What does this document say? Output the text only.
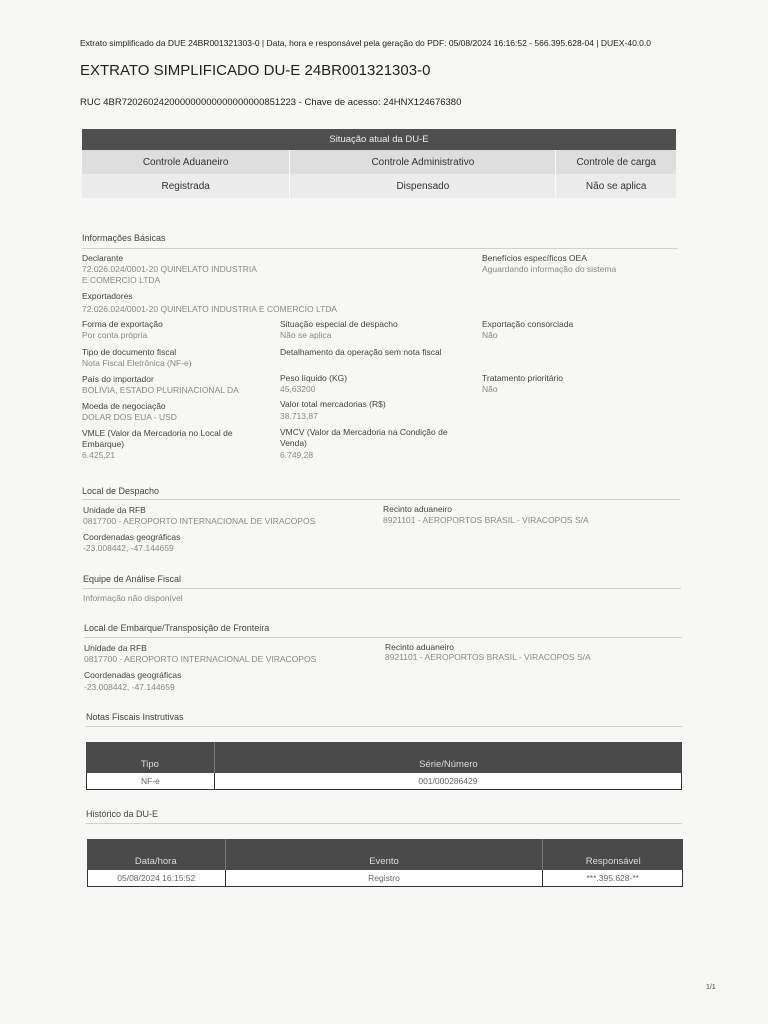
Extrato simplificado da DUE 24BR001321303-0 | Data, hora e responsável pela geração do PDF: 05/08/2024 16:16:52 - 566.395.628-04 | DUEX-40.0.0
EXTRATO SIMPLIFICADO DU-E 24BR001321303-0
RUC 4BR720260242000000000000000000851223 - Chave de acesso: 24HNX124676380
Situação atual da DU-E
Controle Aduaneiro	Controle Administrativo	Controle de carga
Registrada	Dispensado	Não se aplica
Informações Básicas
Declarante
72.026.024/0001-20 QUINELATO INDUSTRIA
E COMERCIO LTDA
Benefícios específicos OEA
Aguardando informação do sistema
Exportadores
72.026.024/0001-20 QUINELATO INDUSTRIA E COMERCIO LTDA
Forma de exportação
Por conta própria
Situação especial de despacho
Não se aplica
Exportação consorciada
Não
Tipo de documento fiscal
Nota Fiscal Eletrônica (NF-e)
Detalhamento da operação sem nota fiscal
País do importador
BOLIVIA, ESTADO PLURINACIONAL DA
Peso líquido (KG)
45,63200
Tratamento prioritário
Não
Moeda de negociação
DOLAR DOS EUA - USD
Valor total mercadorias (R$)
38.713,87
VMLE (Valor da Mercadoria no Local de
Embarque)
6.425,21
VMCV (Valor da Mercadoria na Condição de
Venda)
6.749,28
Local de Despacho
Unidade da RFB
0817700 - AEROPORTO INTERNACIONAL DE VIRACOPOS
Recinto aduaneiro
8921101 - AEROPORTOS BRASIL - VIRACOPOS S/A
Coordenadas geográficas
-23.008442, -47.144659
Equipe de Análise Fiscal
Informação não disponível
Local de Embarque/Transposição de Fronteira
Unidade da RFB
0817700 - AEROPORTO INTERNACIONAL DE VIRACOPOS
Recinto aduaneiro
8921101 - AEROPORTOS BRASIL - VIRACOPOS S/A
Coordenadas geográficas
-23.008442, -47.144659
Notas Fiscais Instrutivas
Tipo	Série/Número
NF-e	001/000286429
Histórico da DU-E
Data/hora	Evento	Responsável
05/08/2024 16:15:52	Registro	***.395.628-**
1/1
